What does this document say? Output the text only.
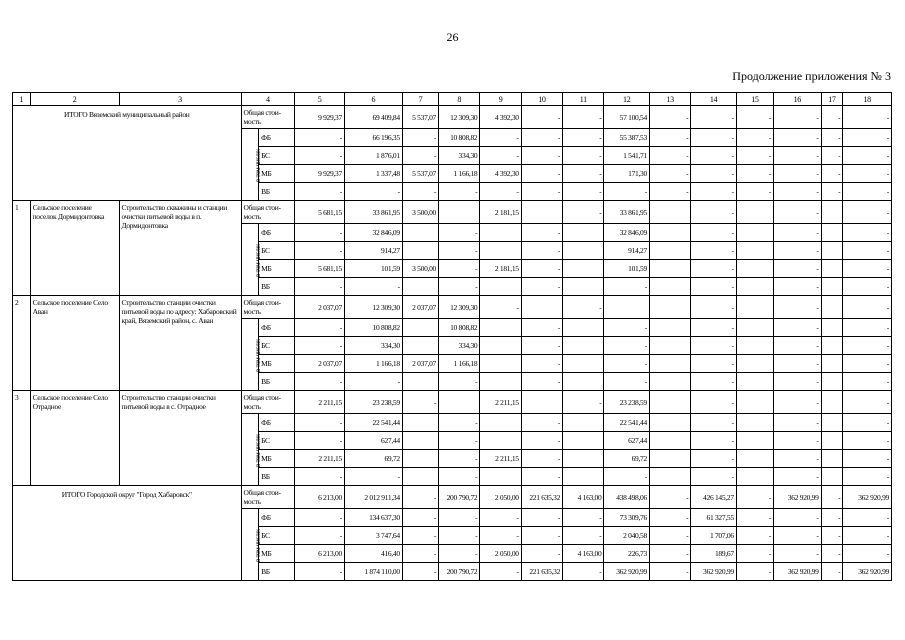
26
Продолжение приложения № 3
1	2	3	4		5	6	7	8	9	10	11	12	13	14	15	16	17	18
ИТОГО Вяземский муниципальный район			Общая стои- мость		9 929,37	69 409,84	5 537,07	12 309,30	4 392,30	-	-	57 100,54	-	-	-	-	-	-
			в том числе:	ФБ	-	66 196,35	-	10 808,82	-	-	-	55 387,53	-	-	-	-	-	-
				БС	-	1 876,01	-	334,30	-	-	-	1 541,71	-	-	-	-	-	-
				МБ	9 929,37	1 337,48	5 537,07	1 166,18	4 392,30	-	-	171,30	-	-	-	-	-	-
				ВБ	-	-	-	-	-	-	-	-	-	-	-	-	-	-
1	Сельское поселение поселок Дормидонтовка	Строительство скважины и станции очистки питьевой воды в п. Дормидонтовка	Общая стои- мость		5 681,15	33 861,95	3 500,00		2 181,15		-	33 861,95		-		-		-
			в том числе:	ФБ	-	32 846,09		-		-		32 846,09		-		-		-
				БС	-	914,27		-		-		914,27		-		-		-
				МБ	5 681,15	101,59	3 500,00	-	2 181,15	-		101,59		-		-		-
				ВБ	-	-		-		-		-		-		-		-
2	Сельское поселение Село Аван	Строительство станции очистки питьевой воды по адресу: Хабаровский край, Вяземский район, с. Аван	Общая стои- мость		2 037,07	12 309,30	2 037,07	12 309,30	-		-			-		-		-
			в том числе:	ФБ	-	10 808,82		10 808,82		-		-		-		-		-
				БС	-	334,30		334,30		-		-		-		-		-
				МБ	2 037,07	1 166,18	2 037,07	1 166,18		-		-		-		-		-
				ВБ	-	-		-		-		-		-		-		-
3	Сельское поселение Село Отрадное	Строительство станции очистки питьевой воды в с. Отрадное	Общая стои- мость		2 211,15	23 238,59	-		2 211,15		-	23 238,59		-		-		-
			в том числе:	ФБ	-	22 541,44		-		-		22 541,44		-		-		-
				БС	-	627,44		-		-		627,44		-		-		-
				МБ	2 211,15	69,72		-	2 211,15	-		69,72		-		-		-
				ВБ	-	-		-		-		-		-		-		-
ИТОГО Городской округ "Город Хабаровск"			Общая стои- мость		6 213,00	2 012 911,34	-	200 790,72	2 050,00	221 635,32	4 163,00	438 498,06	-	426 145,27	-	362 920,99	-	362 920,99
			в том числе:	ФБ	-	134 637,30	-	-	-	-	-	73 309,76	-	61 327,55	-	-	-	-
				БС	-	3 747,64	-	-	-	-	-	2 040,58	-	1 707,06	-	-	-	-
				МБ	6 213,00	416,40	-	-	2 050,00	-	4 163,00	226,73	-	189,67	-	-	-	-
				ВБ	-	1 874 110,00	-	200 790,72	-	221 635,32	-	362 920,99	-	362 920,99	-	362 920,99	-	362 920,99
